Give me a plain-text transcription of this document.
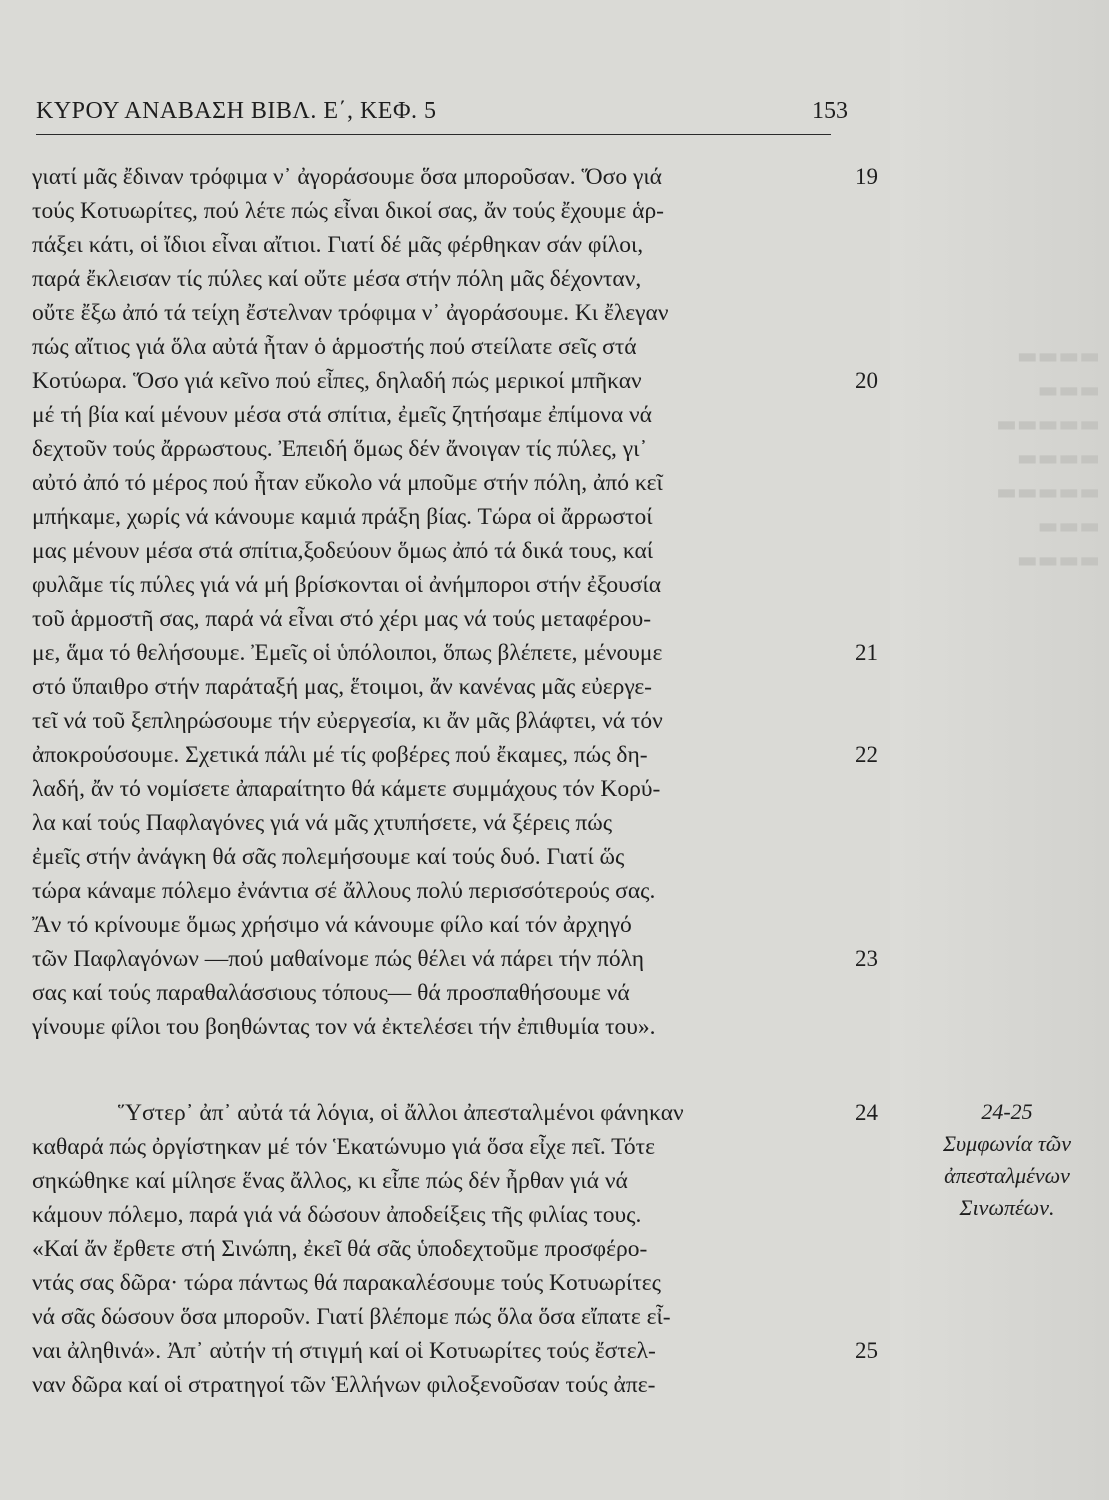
▬▬▬▬
▬▬▬
▬▬▬▬▬
▬▬▬▬
▬▬▬▬▬
▬▬▬
▬▬▬▬
ΚΥΡΟΥ ΑΝΑΒΑΣΗ ΒΙΒΛ. Ε΄, ΚΕΦ. 5	153
γιατί μᾶς ἔδιναν τρόφιμα ν᾽ ἀγοράσουμε ὅσα μποροῦσαν. Ὅσο γιά
τούς Κοτυωρίτες, πού λέτε πώς εἶναι δικοί σας, ἄν τούς ἔχουμε ἁρ-
πάξει κάτι, οἱ ἴδιοι εἶναι αἴτιοι. Γιατί δέ μᾶς φέρθηκαν σάν φίλοι,
παρά ἔκλεισαν τίς πύλες καί οὔτε μέσα στήν πόλη μᾶς δέχονταν,
οὔτε ἔξω ἀπό τά τείχη ἔστελναν τρόφιμα ν᾽ ἀγοράσουμε. Κι ἔλεγαν
πώς αἴτιος γιά ὅλα αὐτά ἦταν ὁ ἁρμοστής πού στείλατε σεῖς στά
Κοτύωρα. Ὅσο γιά κεῖνο πού εἶπες, δηλαδή πώς μερικοί μπῆκαν
μέ τή βία καί μένουν μέσα στά σπίτια, ἐμεῖς ζητήσαμε ἐπίμονα νά
δεχτοῦν τούς ἄρρωστους. Ἐπειδή ὅμως δέν ἄνοιγαν τίς πύλες, γι᾽
αὐτό ἀπό τό μέρος πού ἦταν εὔκολο νά μποῦμε στήν πόλη, ἀπό κεῖ
μπήκαμε, χωρίς νά κάνουμε καμιά πράξη βίας. Τώρα οἱ ἄρρωστοί
μας μένουν μέσα στά σπίτια,ξοδεύουν ὅμως ἀπό τά δικά τους, καί
φυλᾶμε τίς πύλες γιά νά μή βρίσκονται οἱ ἀνήμποροι στήν ἐξουσία
τοῦ ἁρμοστῆ σας, παρά νά εἶναι στό χέρι μας νά τούς μεταφέρου-
με, ἅμα τό θελήσουμε. Ἐμεῖς οἱ ὑπόλοιποι, ὅπως βλέπετε, μένουμε
στό ὕπαιθρο στήν παράταξή μας, ἕτοιμοι, ἄν κανένας μᾶς εὐεργε-
τεῖ νά τοῦ ξεπληρώσουμε τήν εὐεργεσία, κι ἄν μᾶς βλάφτει, νά τόν
ἀποκρούσουμε. Σχετικά πάλι μέ τίς φοβέρες πού ἔκαμες, πώς δη-
λαδή, ἄν τό νομίσετε ἀπαραίτητο θά κάμετε συμμάχους τόν Κορύ-
λα καί τούς Παφλαγόνες γιά νά μᾶς χτυπήσετε, νά ξέρεις πώς
ἐμεῖς στήν ἀνάγκη θά σᾶς πολεμήσουμε καί τούς δυό. Γιατί ὥς
τώρα κάναμε πόλεμο ἐνάντια σέ ἄλλους πολύ περισσότερούς σας.
Ἄν τό κρίνουμε ὅμως χρήσιμο νά κάνουμε φίλο καί τόν ἀρχηγό
τῶν Παφλαγόνων —πού μαθαίνομε πώς θέλει νά πάρει τήν πόλη
σας καί τούς παραθαλάσσιους τόπους— θά προσπαθήσουμε νά
γίνουμε φίλοι του βοηθώντας τον νά ἐκτελέσει τήν ἐπιθυμία του».
Ὕστερ᾽ ἀπ᾽ αὐτά τά λόγια, οἱ ἄλλοι ἀπεσταλμένοι φάνηκαν
καθαρά πώς ὀργίστηκαν μέ τόν Ἑκατώνυμο γιά ὅσα εἶχε πεῖ. Τότε
σηκώθηκε καί μίλησε ἕνας ἄλλος, κι εἶπε πώς δέν ἦρθαν γιά νά
κάμουν πόλεμο, παρά γιά νά δώσουν ἀποδείξεις τῆς φιλίας τους.
«Καί ἄν ἔρθετε στή Σινώπη, ἐκεῖ θά σᾶς ὑποδεχτοῦμε προσφέρο-
ντάς σας δῶρα· τώρα πάντως θά παρακαλέσουμε τούς Κοτυωρίτες
νά σᾶς δώσουν ὅσα μποροῦν. Γιατί βλέπομε πώς ὅλα ὅσα εἴπατε εἶ-
ναι ἀληθινά». Ἀπ᾽ αὐτήν τή στιγμή καί οἱ Κοτυωρίτες τούς ἔστελ-
ναν δῶρα καί οἱ στρατηγοί τῶν Ἑλλήνων φιλοξενοῦσαν τούς ἀπε-
19
20
21
22
23
24
25
24-25
Συμφωνία τῶν
ἀπεσταλμένων
Σινωπέων.
